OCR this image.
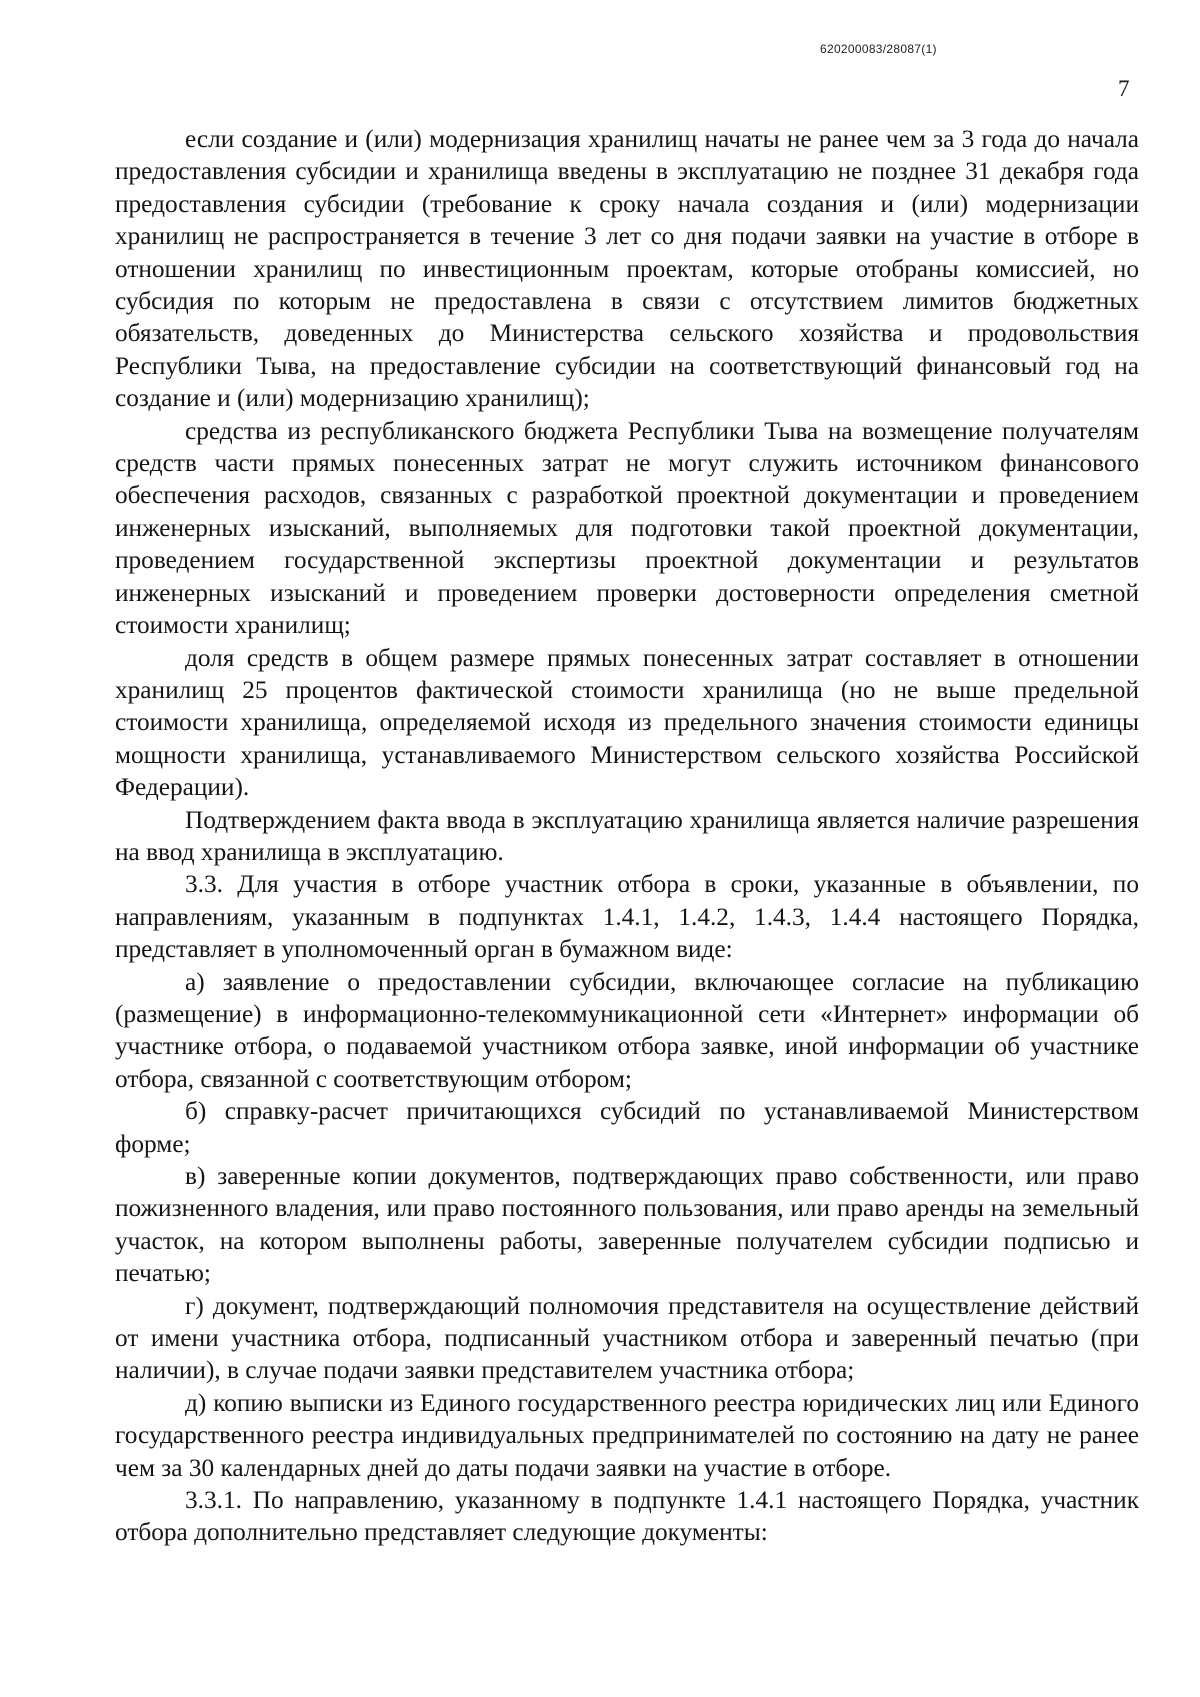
620200083/28087(1)
7

если создание и (или) модернизация хранилищ начаты не ранее чем за 3 года до начала предоставления субсидии и хранилища введены в эксплуатацию не позднее 31 декабря года предоставления субсидии (требование к сроку начала создания и (или) модернизации хранилищ не распространяется в течение 3 лет со дня подачи заявки на участие в отборе в отношении хранилищ по инвестиционным проектам, которые отобраны комиссией, но субсидия по которым не предоставлена в связи с отсутствием лимитов бюджетных обязательств, доведенных до Министерства сельского хозяйства и продовольствия Республики Тыва, на предоставление субсидии на соответствующий финансовый год на создание и (или) модернизацию хранилищ);

средства из республиканского бюджета Республики Тыва на возмещение получателям средств части прямых понесенных затрат не могут служить источником финансового обеспечения расходов, связанных с разработкой проектной документации и проведением инженерных изысканий, выполняемых для подготовки такой проектной документации, проведением государственной экспертизы проектной документации и результатов инженерных изысканий и проведением проверки достоверности определения сметной стоимости хранилищ;

доля средств в общем размере прямых понесенных затрат составляет в отношении хранилищ 25 процентов фактической стоимости хранилища (но не выше предельной стоимости хранилища, определяемой исходя из предельного значения стоимости единицы мощности хранилища, устанавливаемого Министерством сельского хозяйства Российской Федерации).

Подтверждением факта ввода в эксплуатацию хранилища является наличие разрешения на ввод хранилища в эксплуатацию.

3.3. Для участия в отборе участник отбора в сроки, указанные в объявлении, по направлениям, указанным в подпунктах 1.4.1, 1.4.2, 1.4.3, 1.4.4 настоящего Порядка, представляет в уполномоченный орган в бумажном виде:

а) заявление о предоставлении субсидии, включающее согласие на публикацию (размещение) в информационно-телекоммуникационной сети «Интернет» информации об участнике отбора, о подаваемой участником отбора заявке, иной информации об участнике отбора, связанной с соответствующим отбором;

б) справку-расчет причитающихся субсидий по устанавливаемой Министерством форме;

в) заверенные копии документов, подтверждающих право собственности, или право пожизненного владения, или право постоянного пользования, или право аренды на земельный участок, на котором выполнены работы, заверенные получателем субсидии подписью и печатью;

г) документ, подтверждающий полномочия представителя на осуществление действий от имени участника отбора, подписанный участником отбора и заверенный печатью (при наличии), в случае подачи заявки представителем участника отбора;

д) копию выписки из Единого государственного реестра юридических лиц или Единого государственного реестра индивидуальных предпринимателей по состоянию на дату не ранее чем за 30 календарных дней до даты подачи заявки на участие в отборе.

3.3.1. По направлению, указанному в подпункте 1.4.1 настоящего Порядка, участник отбора дополнительно представляет следующие документы:
